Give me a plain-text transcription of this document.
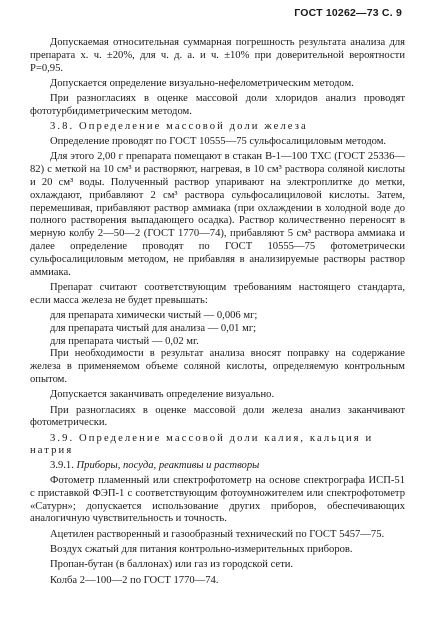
ГОСТ 10262—73 С. 9

Допускаемая относительная суммарная погрешность результата анализа для препарата х. ч. ±20%, для ч. д. а. и ч. ±10% при доверительной вероятности P=0,95.

Допускается определение визуально-нефелометрическим методом.

При разногласиях в оценке массовой доли хлоридов анализ проводят фототурбидиметрическим методом.

3.8. Определение массовой доли железа

Определение проводят по ГОСТ 10555—75 сульфосалициловым методом.

Для этого 2,00 г препарата помещают в стакан В-1—100 ТХС (ГОСТ 25336—82) с меткой на 10 см³ и растворяют, нагревая, в 10 см³ раствора соляной кислоты и 20 см³ воды. Полученный раствор упаривают на электроплитке до метки, охлаждают, прибавляют 2 см³ раствора сульфосалициловой кислоты. Затем, перемешивая, прибавляют раствор аммиака (при охлаждении в холодной воде до полного растворения выпадающего осадка). Раствор количественно переносят в мерную колбу 2—50—2 (ГОСТ 1770—74), прибавляют 5 см³ раствора аммиака и далее определение проводят по ГОСТ 10555—75 фотометрически сульфосалициловым методом, не прибавляя в анализируемые растворы раствор аммиака.

Препарат считают соответствующим требованиям настоящего стандарта, если масса железа не будет превышать:

для препарата химически чистый — 0,006 мг;
для препарата чистый для анализа — 0,01 мг;
для препарата чистый — 0,02 мг.

При необходимости в результат анализа вносят поправку на содержание железа в применяемом объеме соляной кислоты, определяемую контрольным опытом.

Допускается заканчивать определение визуально.

При разногласиях в оценке массовой доли железа анализ заканчивают фотометрически.

3.9. Определение массовой доли калия, кальция и натрия

3.9.1. Приборы, посуда, реактивы и растворы

Фотометр пламенный или спектрофотометр на основе спектрографа ИСП-51 с приставкой ФЭП-1 с соответствующим фотоумножителем или спектрофотометр «Сатурн»; допускается использование других приборов, обеспечивающих аналогичную чувствительность и точность.

Ацетилен растворенный и газообразный технический по ГОСТ 5457—75.

Воздух сжатый для питания контрольно-измерительных приборов.

Пропан-бутан (в баллонах) или газ из городской сети.

Колба 2—100—2 по ГОСТ 1770—74.
